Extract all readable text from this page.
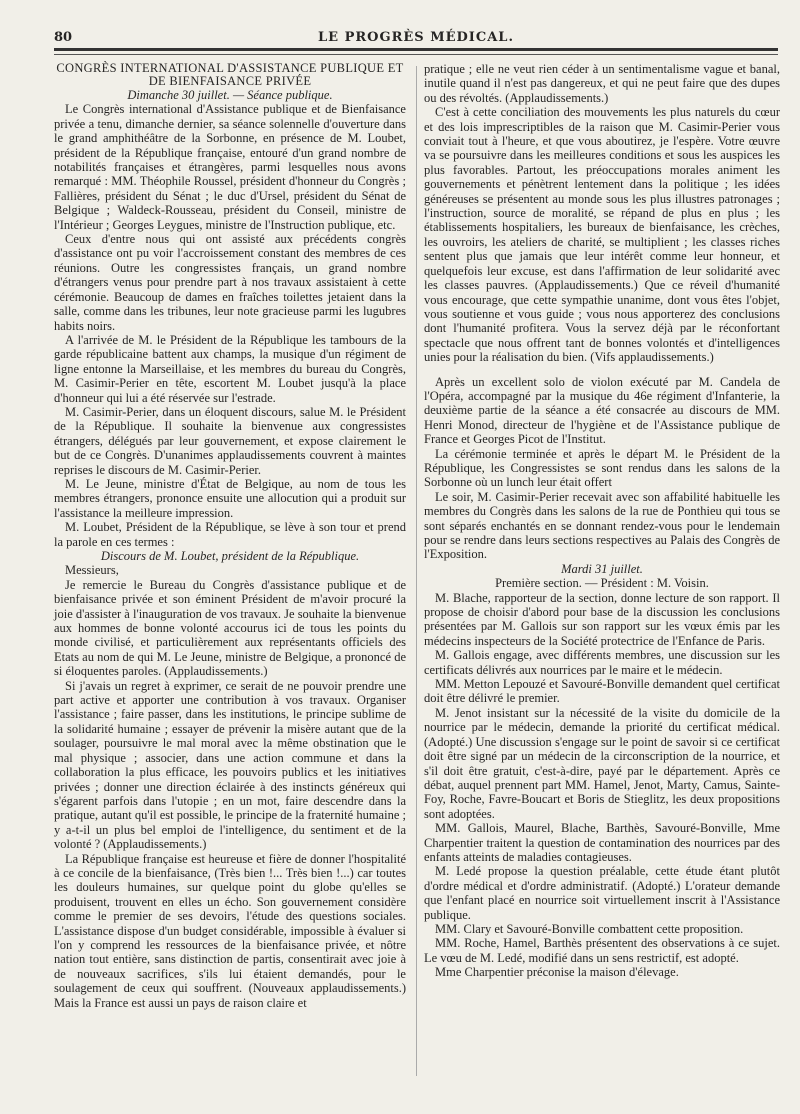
80	LE PROGRÈS MÉDICAL.

CONGRÈS INTERNATIONAL D'ASSISTANCE PUBLIQUE ET DE BIENFAISANCE PRIVÉE

Dimanche 30 juillet. — Séance publique.

Le Congrès international d'Assistance publique et de Bienfaisance privée a tenu, dimanche dernier, sa séance solennelle d'ouverture dans le grand amphithéâtre de la Sorbonne, en présence de M. Loubet, président de la République française, entouré d'un grand nombre de notabilités françaises et étrangères, parmi lesquelles nous avons remarqué : MM. Théophile Roussel, président d'honneur du Congrès ; Fallières, président du Sénat ; le duc d'Ursel, président du Sénat de Belgique ; Waldeck-Rousseau, président du Conseil, ministre de l'Intérieur ; Georges Leygues, ministre de l'Instruction publique, etc.

Ceux d'entre nous qui ont assisté aux précédents congrès d'assistance ont pu voir l'accroissement constant des membres de ces réunions. Outre les congressistes français, un grand nombre d'étrangers venus pour prendre part à nos travaux assistaient à cette cérémonie. Beaucoup de dames en fraîches toilettes jetaient dans la salle, comme dans les tribunes, leur note gracieuse parmi les lugubres habits noirs.

A l'arrivée de M. le Président de la République les tambours de la garde républicaine battent aux champs, la musique d'un régiment de ligne entonne la Marseillaise, et les membres du bureau du Congrès, M. Casimir-Perier en tête, escortent M. Loubet jusqu'à la place d'honneur qui lui a été réservée sur l'estrade.

M. Casimir-Perier, dans un éloquent discours, salue M. le Président de la République. Il souhaite la bienvenue aux congressistes étrangers, délégués par leur gouvernement, et expose clairement le but de ce Congrès. D'unanimes applaudissements couvrent à maintes reprises le discours de M. Casimir-Perier.

M. Le Jeune, ministre d'État de Belgique, au nom de tous les membres étrangers, prononce ensuite une allocution qui a produit sur l'assistance la meilleure impression.

M. Loubet, Président de la République, se lève à son tour et prend la parole en ces termes :

Discours de M. Loubet, président de la République.

Messieurs,

Je remercie le Bureau du Congrès d'assistance publique et de bienfaisance privée et son éminent Président de m'avoir procuré la joie d'assister à l'inauguration de vos travaux. Je souhaite la bienvenue aux hommes de bonne volonté accourus ici de tous les points du monde civilisé, et particulièrement aux représentants officiels des Etats au nom de qui M. Le Jeune, ministre de Belgique, a prononcé de si éloquentes paroles. (Applaudissements.)

Si j'avais un regret à exprimer, ce serait de ne pouvoir prendre une part active et apporter une contribution à vos travaux. Organiser l'assistance ; faire passer, dans les institutions, le principe sublime de la solidarité humaine ; essayer de prévenir la misère autant que de la soulager, poursuivre le mal moral avec la même obstination que le mal physique ; associer, dans une action commune et dans la collaboration la plus efficace, les pouvoirs publics et les initiatives privées ; donner une direction éclairée à des instincts généreux qui s'égarent parfois dans l'utopie ; en un mot, faire descendre dans la pratique, autant qu'il est possible, le principe de la fraternité humaine ; y a-t-il un plus bel emploi de l'intelligence, du sentiment et de la volonté ? (Applaudissements.)

La République française est heureuse et fière de donner l'hospitalité à ce concile de la bienfaisance, (Très bien !... Très bien !...) car toutes les douleurs humaines, sur quelque point du globe qu'elles se produisent, trouvent en elles un écho. Son gouvernement considère comme le premier de ses devoirs, l'étude des questions sociales. L'assistance dispose d'un budget considérable, impossible à évaluer si l'on y comprend les ressources de la bienfaisance privée, et nôtre nation tout entière, sans distinction de partis, consentirait avec joie à de nouveaux sacrifices, s'ils lui étaient demandés, pour le soulagement de ceux qui souffrent. (Nouveaux applaudissements.) Mais la France est aussi un pays de raison claire et

pratique ; elle ne veut rien céder à un sentimentalisme vague et banal, inutile quand il n'est pas dangereux, et qui ne peut faire que des dupes ou des révoltés. (Applaudissements.)

C'est à cette conciliation des mouvements les plus naturels du cœur et des lois imprescriptibles de la raison que M. Casimir-Perier vous conviait tout à l'heure, et que vous aboutirez, je l'espère. Votre œuvre va se poursuivre dans les meilleures conditions et sous les auspices les plus favorables. Partout, les préoccupations morales animent les gouvernements et pénètrent lentement dans la politique ; les idées généreuses se présentent au monde sous les plus illustres patronages ; l'instruction, source de moralité, se répand de plus en plus ; les établissements hospitaliers, les bureaux de bienfaisance, les crèches, les ouvroirs, les ateliers de charité, se multiplient ; les classes riches sentent plus que jamais que leur intérêt comme leur honneur, et quelquefois leur excuse, est dans l'affirmation de leur solidarité avec les classes pauvres. (Applaudissements.) Que ce réveil d'humanité vous encourage, que cette sympathie unanime, dont vous êtes l'objet, vous soutienne et vous guide ; vous nous apporterez des conclusions dont l'humanité profitera. Vous la servez déjà par le réconfortant spectacle que nous offrent tant de bonnes volontés et d'intelligences unies pour la réalisation du bien. (Vifs applaudissements.)

Après un excellent solo de violon exécuté par M. Candela de l'Opéra, accompagné par la musique du 46e régiment d'Infanterie, la deuxième partie de la séance a été consacrée au discours de MM. Henri Monod, directeur de l'hygiène et de l'Assistance publique de France et Georges Picot de l'Institut.

La cérémonie terminée et après le départ M. le Président de la République, les Congressistes se sont rendus dans les salons de la Sorbonne où un lunch leur était offert

Le soir, M. Casimir-Perier recevait avec son affabilité habituelle les membres du Congrès dans les salons de la rue de Ponthieu qui tous se sont séparés enchantés en se donnant rendez-vous pour le lendemain pour se rendre dans leurs sections respectives au Palais des Congrès de l'Exposition.

Mardi 31 juillet.

Première section. — Président : M. Voisin.

M. Blache, rapporteur de la section, donne lecture de son rapport. Il propose de choisir d'abord pour base de la discussion les conclusions présentées par M. Gallois sur son rapport sur les vœux émis par les médecins inspecteurs de la Société protectrice de l'Enfance de Paris.

M. Gallois engage, avec différents membres, une discussion sur les certificats délivrés aux nourrices par le maire et le médecin.

MM. Metton Lepouzé et Savouré-Bonville demandent quel certificat doit être délivré le premier.

M. Jenot insistant sur la nécessité de la visite du domicile de la nourrice par le médecin, demande la priorité du certificat médical. (Adopté.) Une discussion s'engage sur le point de savoir si ce certificat doit être signé par un médecin de la circonscription de la nourrice, et s'il doit être gratuit, c'est-à-dire, payé par le département. Après ce débat, auquel prennent part MM. Hamel, Jenot, Marty, Camus, Sainte-Foy, Roche, Favre-Boucart et Boris de Stieglitz, les deux propositions sont adoptées.

MM. Gallois, Maurel, Blache, Barthès, Savouré-Bonville, Mme Charpentier traitent la question de contamination des nourrices par des enfants atteints de maladies contagieuses.

M. Ledé propose la question préalable, cette étude étant plutôt d'ordre médical et d'ordre administratif. (Adopté.) L'orateur demande que l'enfant placé en nourrice soit virtuellement inscrit à l'Assistance publique.

MM. Clary et Savouré-Bonville combattent cette proposition.

MM. Roche, Hamel, Barthès présentent des observations à ce sujet. Le vœu de M. Ledé, modifié dans un sens restrictif, est adopté.

Mme Charpentier préconise la maison d'élevage.
